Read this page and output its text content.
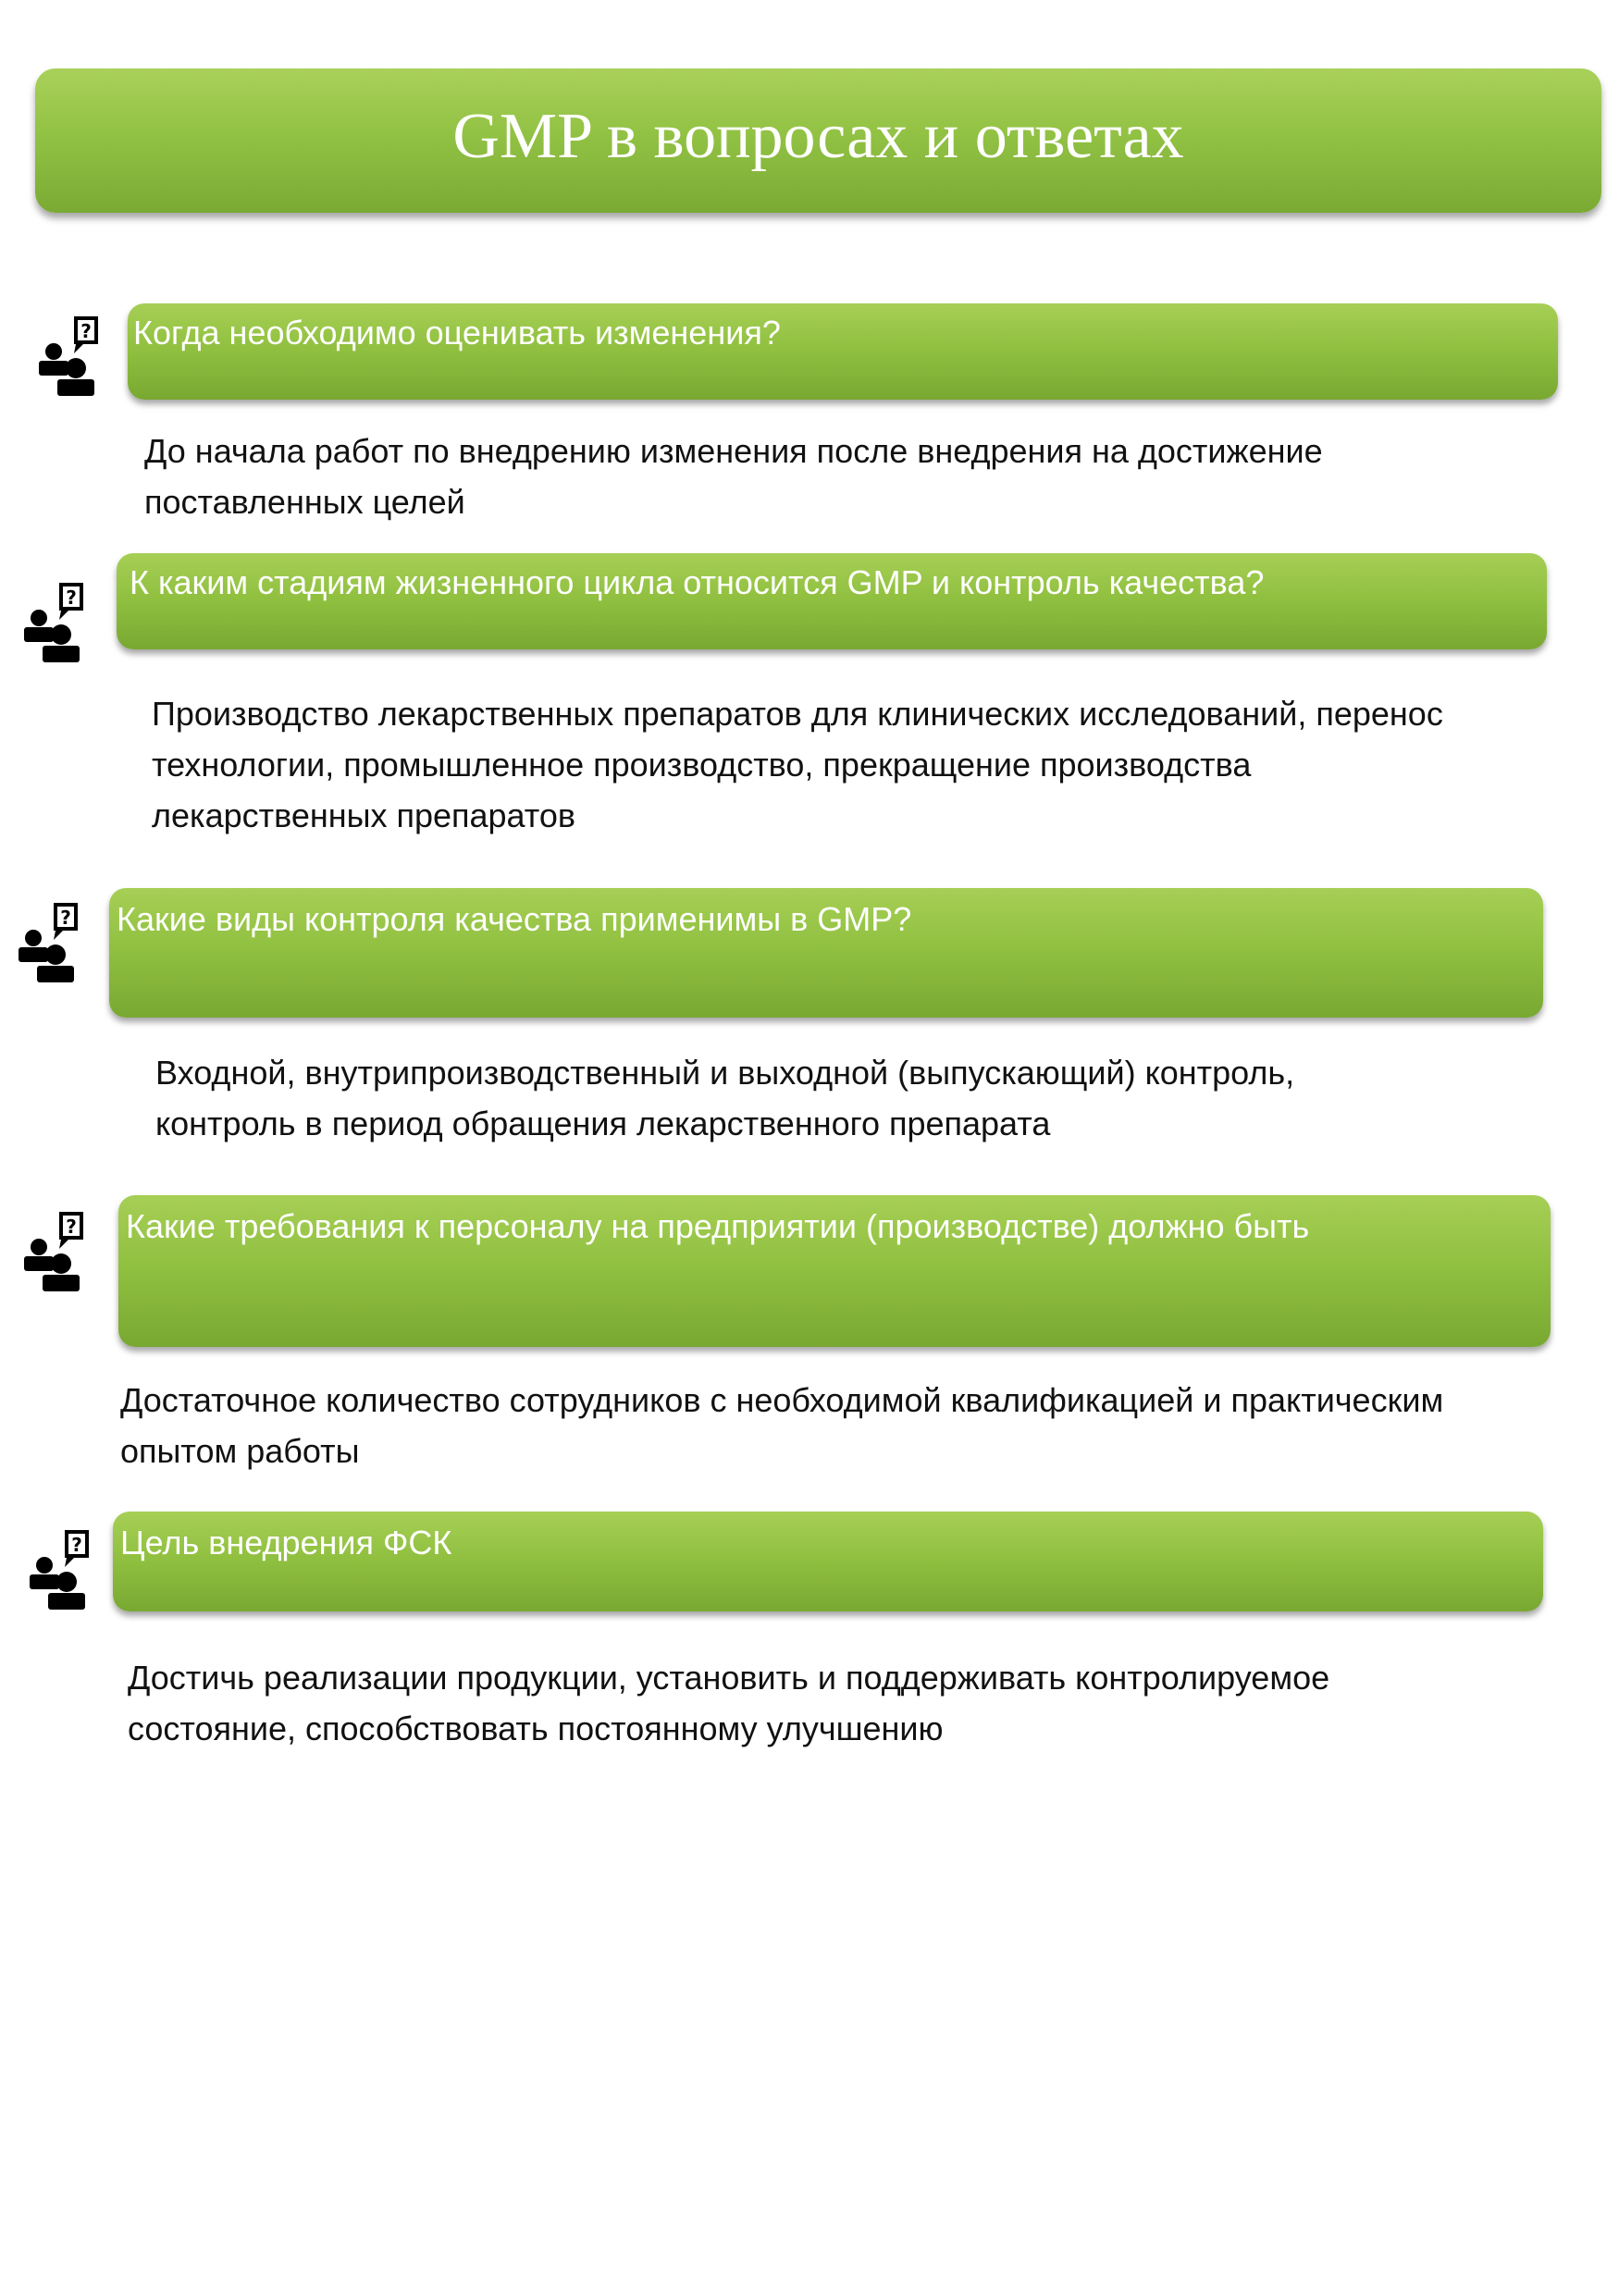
GMP в вопросах и ответах
? Когда необходимо оценивать изменения?

До начала работ по внедрению изменения после внедрения на достижение
поставленных целей

? К каким стадиям жизненного цикла относится GMP и контроль качества?

Производство лекарственных препаратов для клинических исследований, перенос
технологии, промышленное производство, прекращение производства
лекарственных препаратов

? Какие виды контроля качества применимы в GMP?

Входной, внутрипроизводственный и выходной (выпускающий) контроль,
контроль в период обращения лекарственного препарата

? Какие требования к персоналу на предприятии (производстве) должно быть

Достаточное количество сотрудников с необходимой квалификацией и практическим
опытом работы

? Цель внедрения ФСК

Достичь реализации продукции, установить и поддерживать контролируемое
состояние, способствовать постоянному улучшению
